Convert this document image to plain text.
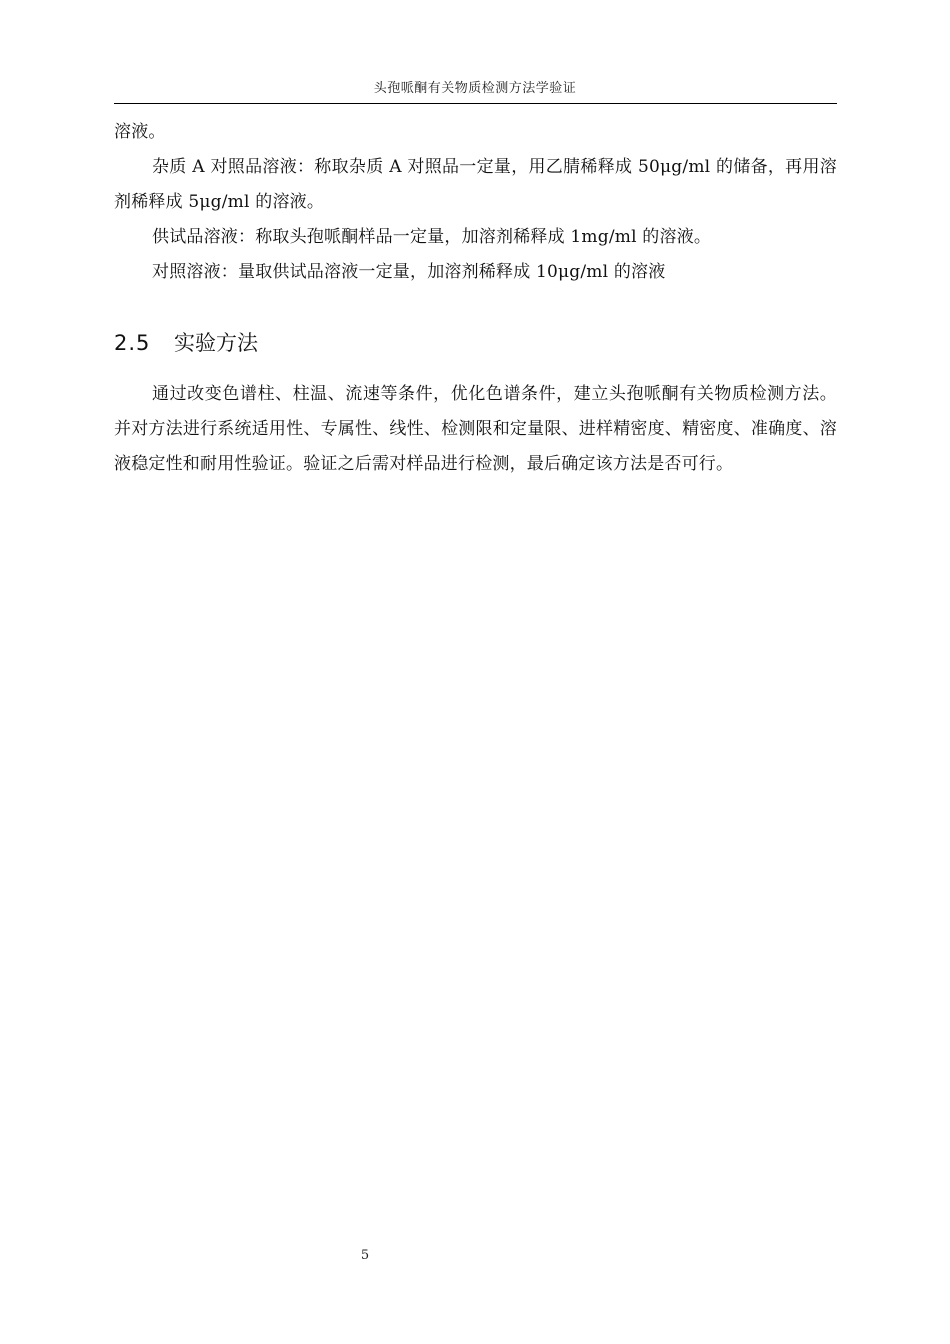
头孢哌酮有关物质检测方法学验证

溶液。

杂质 A 对照品溶液：称取杂质 A 对照品一定量，用乙腈稀释成 50μg/ml 的储备，再用溶剂稀释成 5μg/ml 的溶液。

供试品溶液：称取头孢哌酮样品一定量，加溶剂稀释成 1mg/ml 的溶液。

对照溶液：量取供试品溶液一定量，加溶剂稀释成 10μg/ml 的溶液

2.5 实验方法

通过改变色谱柱、柱温、流速等条件，优化色谱条件，建立头孢哌酮有关物质检测方法。并对方法进行系统适用性、专属性、线性、检测限和定量限、进样精密度、精密度、准确度、溶液稳定性和耐用性验证。验证之后需对样品进行检测，最后确定该方法是否可行。

5
